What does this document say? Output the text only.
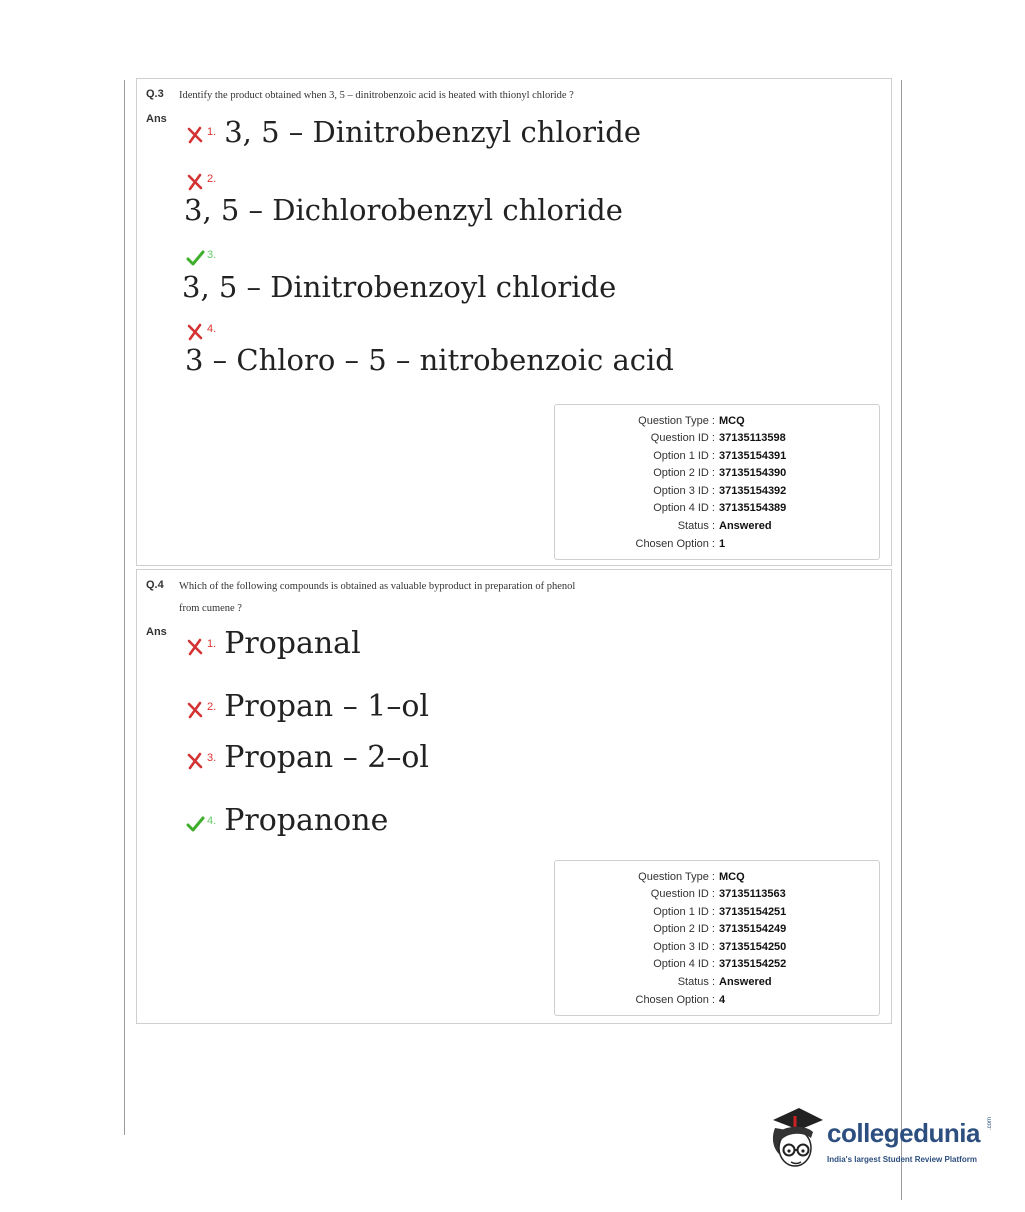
Q.3 Identify the product obtained when 3, 5 – dinitrobenzoic acid is heated with thionyl chloride ?
Ans
1. 3, 5 – Dinitrobenzyl chloride
2.
3, 5 – Dichlorobenzyl chloride
3.
3, 5 – Dinitrobenzoyl chloride
4.
3 – Chloro – 5 – nitrobenzoic acid
Question Type : MCQ
Question ID : 37135113598
Option 1 ID : 37135154391
Option 2 ID : 37135154390
Option 3 ID : 37135154392
Option 4 ID : 37135154389
Status : Answered
Chosen Option : 1
Q.4 Which of the following compounds is obtained as valuable byproduct in preparation of phenol
from cumene ?
Ans
1. Propanal
2. Propan – 1–ol
3. Propan – 2–ol
4. Propanone
Question Type : MCQ
Question ID : 37135113563
Option 1 ID : 37135154251
Option 2 ID : 37135154249
Option 3 ID : 37135154250
Option 4 ID : 37135154252
Status : Answered
Chosen Option : 4
collegedunia .com
India's largest Student Review Platform
